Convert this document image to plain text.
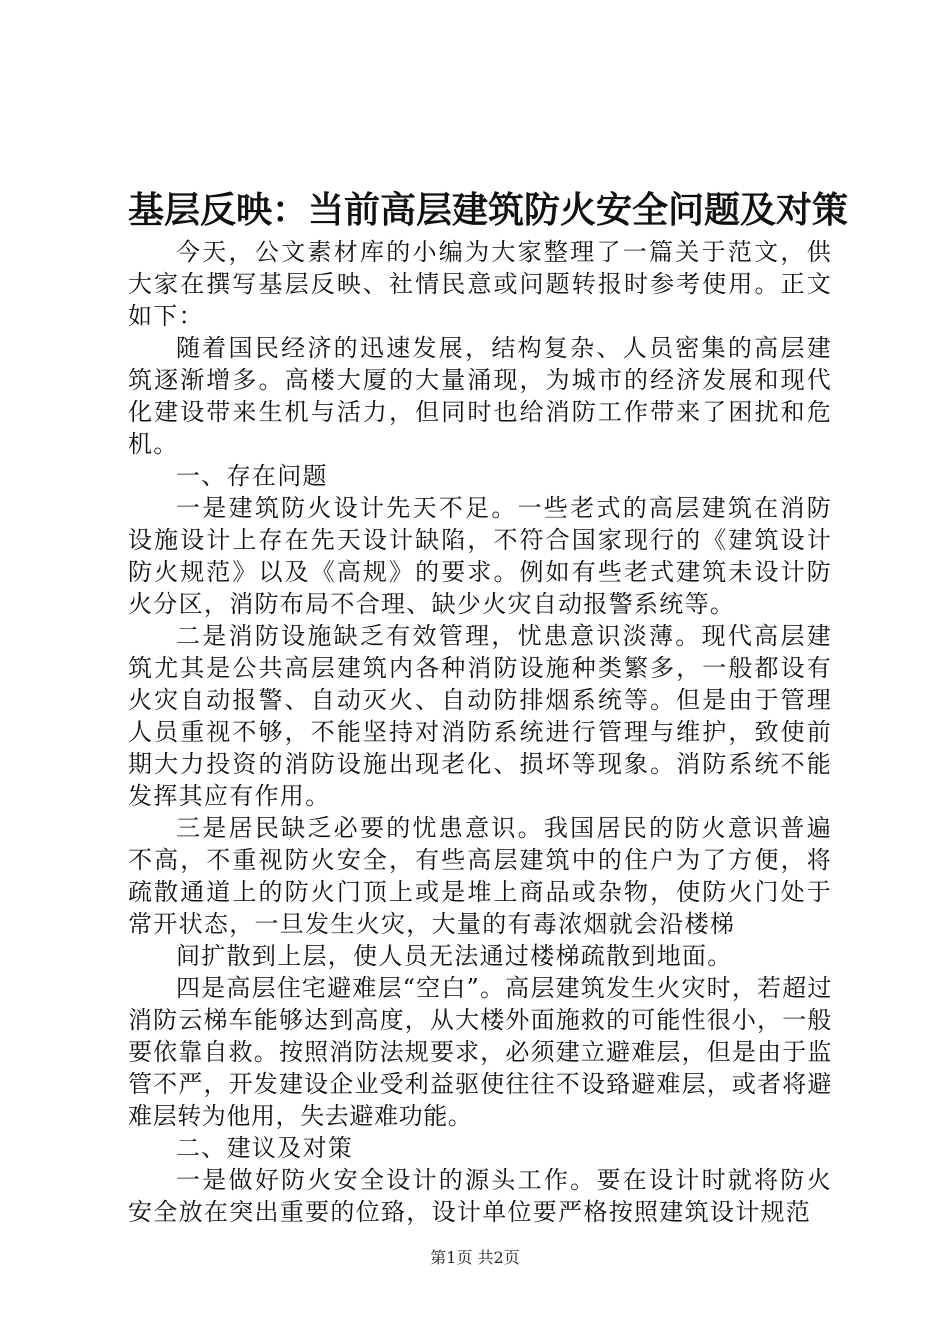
基层反映：当前高层建筑防火安全问题及对策

今天，公文素材库的小编为大家整理了一篇关于范文，供大家在撰写基层反映、社情民意或问题转报时参考使用。正文如下：

随着国民经济的迅速发展，结构复杂、人员密集的高层建筑逐渐增多。高楼大厦的大量涌现，为城市的经济发展和现代化建设带来生机与活力，但同时也给消防工作带来了困扰和危机。

一、存在问题

一是建筑防火设计先天不足。一些老式的高层建筑在消防设施设计上存在先天设计缺陷，不符合国家现行的《建筑设计防火规范》以及《高规》的要求。例如有些老式建筑未设计防火分区，消防布局不合理、缺少火灾自动报警系统等。

二是消防设施缺乏有效管理，忧患意识淡薄。现代高层建筑尤其是公共高层建筑内各种消防设施种类繁多，一般都设有火灾自动报警、自动灭火、自动防排烟系统等。但是由于管理人员重视不够，不能坚持对消防系统进行管理与维护，致使前期大力投资的消防设施出现老化、损坏等现象。消防系统不能发挥其应有作用。

三是居民缺乏必要的忧患意识。我国居民的防火意识普遍不高，不重视防火安全，有些高层建筑中的住户为了方便，将疏散通道上的防火门顶上或是堆上商品或杂物，使防火门处于常开状态，一旦发生火灾，大量的有毒浓烟就会沿楼梯

间扩散到上层，使人员无法通过楼梯疏散到地面。

四是高层住宅避难层“空白”。高层建筑发生火灾时，若超过消防云梯车能够达到高度，从大楼外面施救的可能性很小，一般要依靠自救。按照消防法规要求，必须建立避难层，但是由于监管不严，开发建设企业受利益驱使往往不设臵避难层，或者将避难层转为他用，失去避难功能。

二、建议及对策

一是做好防火安全设计的源头工作。要在设计时就将防火安全放在突出重要的位臵，设计单位要严格按照建筑设计规范

第1页 共2页
